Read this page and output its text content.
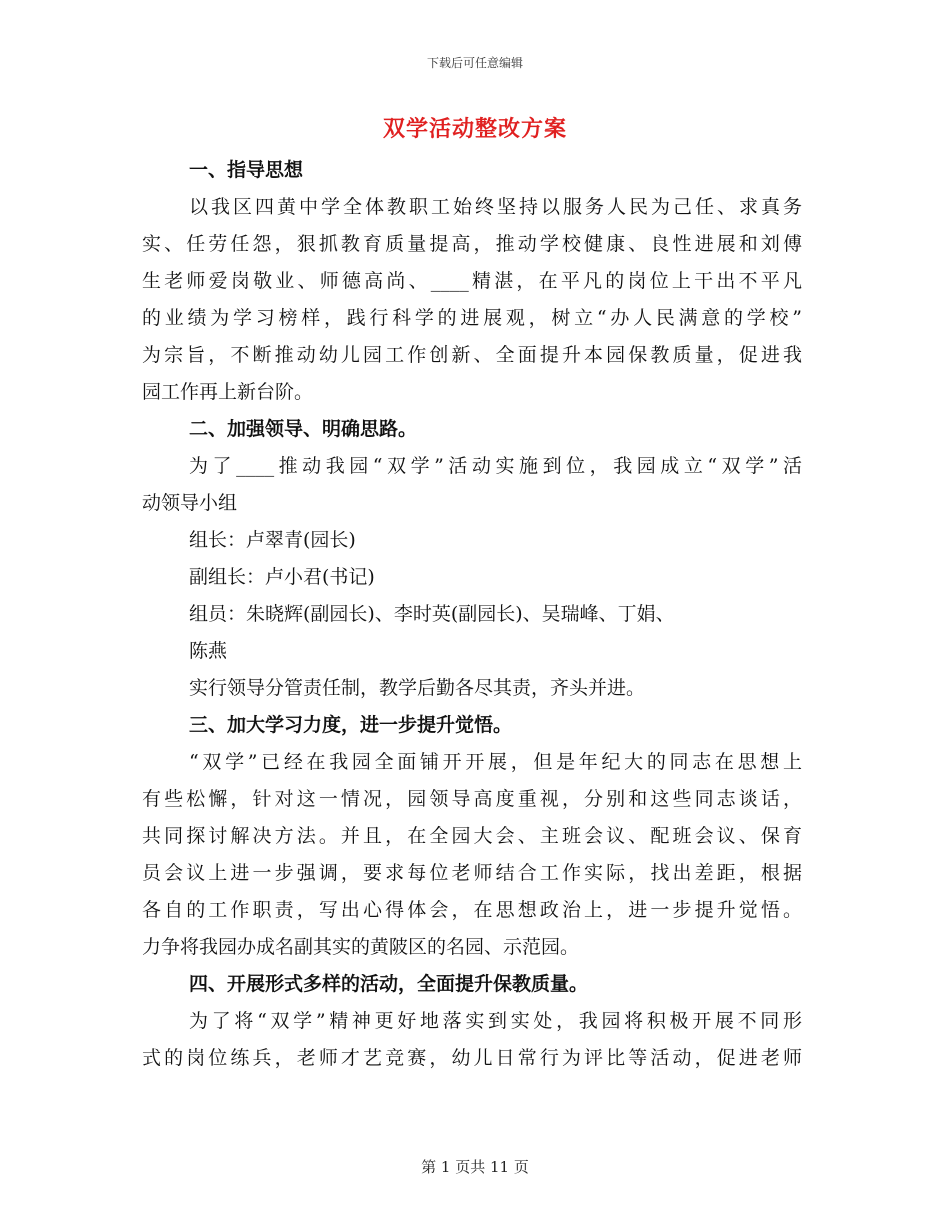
下载后可任意编辑
双学活动整改方案
一、指导思想
以我区四黄中学全体教职工始终坚持以服务人民为己任、求真务
实、任劳任怨，狠抓教育质量提高，推动学校健康、良性进展和刘傅
生老师爱岗敬业、师德高尚、____精湛，在平凡的岗位上干出不平凡
的业绩为学习榜样，践行科学的进展观，树立“办人民满意的学校”
为宗旨，不断推动幼儿园工作创新、全面提升本园保教质量，促进我
园工作再上新台阶。
二、加强领导、明确思路。
为了____推动我园“双学”活动实施到位，我园成立“双学”活
动领导小组
组长：卢翠青(园长)
副组长：卢小君(书记)
组员：朱晓辉(副园长)、李时英(副园长)、吴瑞峰、丁娟、
陈燕
实行领导分管责任制，教学后勤各尽其责，齐头并进。
三、加大学习力度，进一步提升觉悟。
“双学”已经在我园全面铺开开展，但是年纪大的同志在思想上
有些松懈，针对这一情况，园领导高度重视，分别和这些同志谈话，
共同探讨解决方法。并且，在全园大会、主班会议、配班会议、保育
员会议上进一步强调，要求每位老师结合工作实际，找出差距，根据
各自的工作职责，写出心得体会，在思想政治上，进一步提升觉悟。
力争将我园办成名副其实的黄陂区的名园、示范园。
四、开展形式多样的活动，全面提升保教质量。
为了将“双学”精神更好地落实到实处，我园将积极开展不同形
式的岗位练兵，老师才艺竞赛，幼儿日常行为评比等活动，促进老师
第 1 页共 11 页
